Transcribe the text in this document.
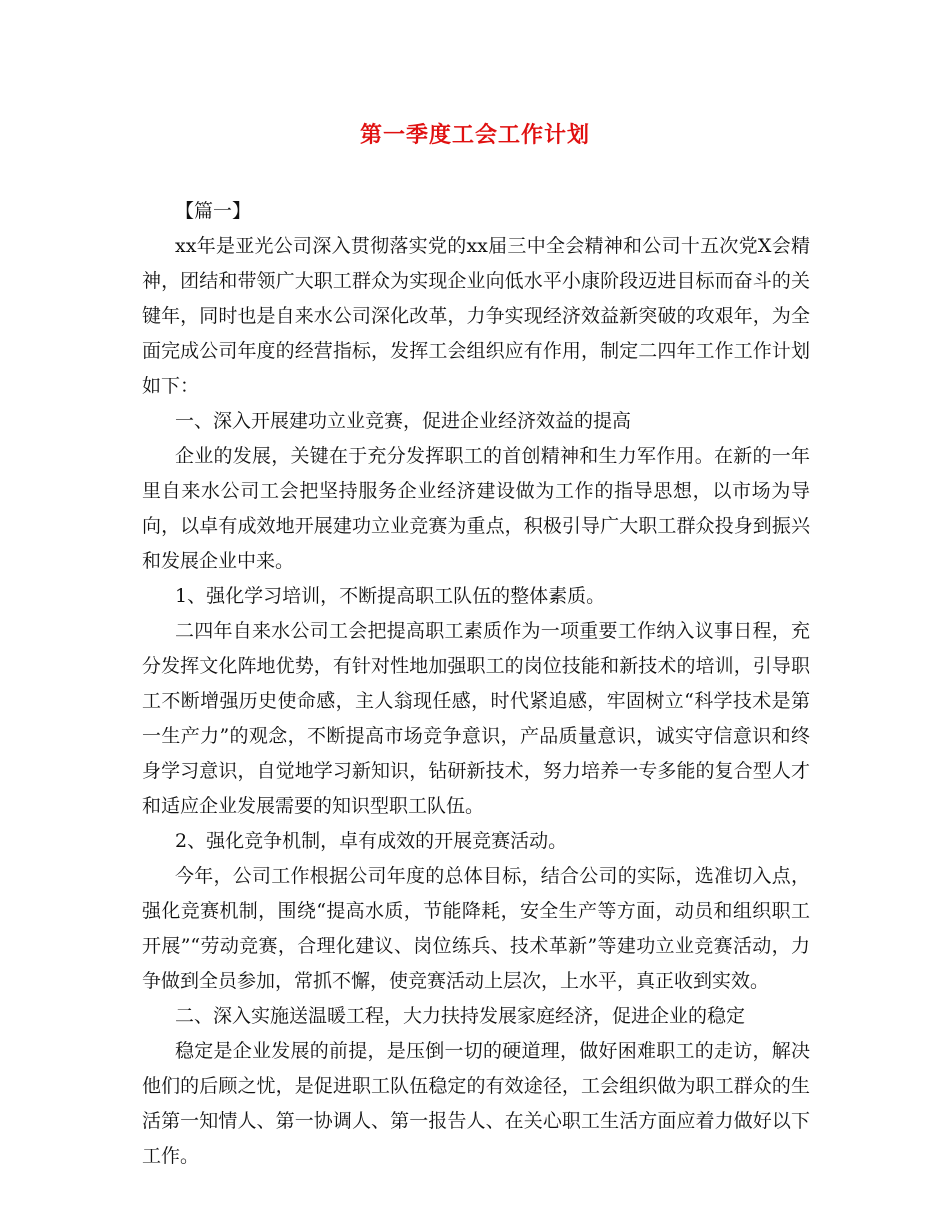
第一季度工会工作计划

【篇一】

xx年是亚光公司深入贯彻落实党的xx届三中全会精神和公司十五次党X会精神，团结和带领广大职工群众为实现企业向低水平小康阶段迈进目标而奋斗的关键年，同时也是自来水公司深化改革，力争实现经济效益新突破的攻艰年，为全面完成公司年度的经营指标，发挥工会组织应有作用，制定二四年工作工作计划如下：

一、深入开展建功立业竞赛，促进企业经济效益的提高

企业的发展，关键在于充分发挥职工的首创精神和生力军作用。在新的一年里自来水公司工会把坚持服务企业经济建设做为工作的指导思想，以市场为导向，以卓有成效地开展建功立业竞赛为重点，积极引导广大职工群众投身到振兴和发展企业中来。

1、强化学习培训，不断提高职工队伍的整体素质。

二四年自来水公司工会把提高职工素质作为一项重要工作纳入议事日程，充分发挥文化阵地优势，有针对性地加强职工的岗位技能和新技术的培训，引导职工不断增强历史使命感，主人翁现任感，时代紧追感，牢固树立“科学技术是第一生产力”的观念，不断提高市场竞争意识，产品质量意识，诚实守信意识和终身学习意识，自觉地学习新知识，钻研新技术，努力培养一专多能的复合型人才和适应企业发展需要的知识型职工队伍。

2、强化竞争机制，卓有成效的开展竞赛活动。

今年，公司工作根据公司年度的总体目标，结合公司的实际，选准切入点，强化竞赛机制，围绕“提高水质，节能降耗，安全生产等方面，动员和组织职工开展”“劳动竞赛，合理化建议、岗位练兵、技术革新”等建功立业竞赛活动，力争做到全员参加，常抓不懈，使竞赛活动上层次，上水平，真正收到实效。

二、深入实施送温暖工程，大力扶持发展家庭经济，促进企业的稳定

稳定是企业发展的前提，是压倒一切的硬道理，做好困难职工的走访，解决他们的后顾之忧，是促进职工队伍稳定的有效途径，工会组织做为职工群众的生活第一知情人、第一协调人、第一报告人、在关心职工生活方面应着力做好以下工作。
